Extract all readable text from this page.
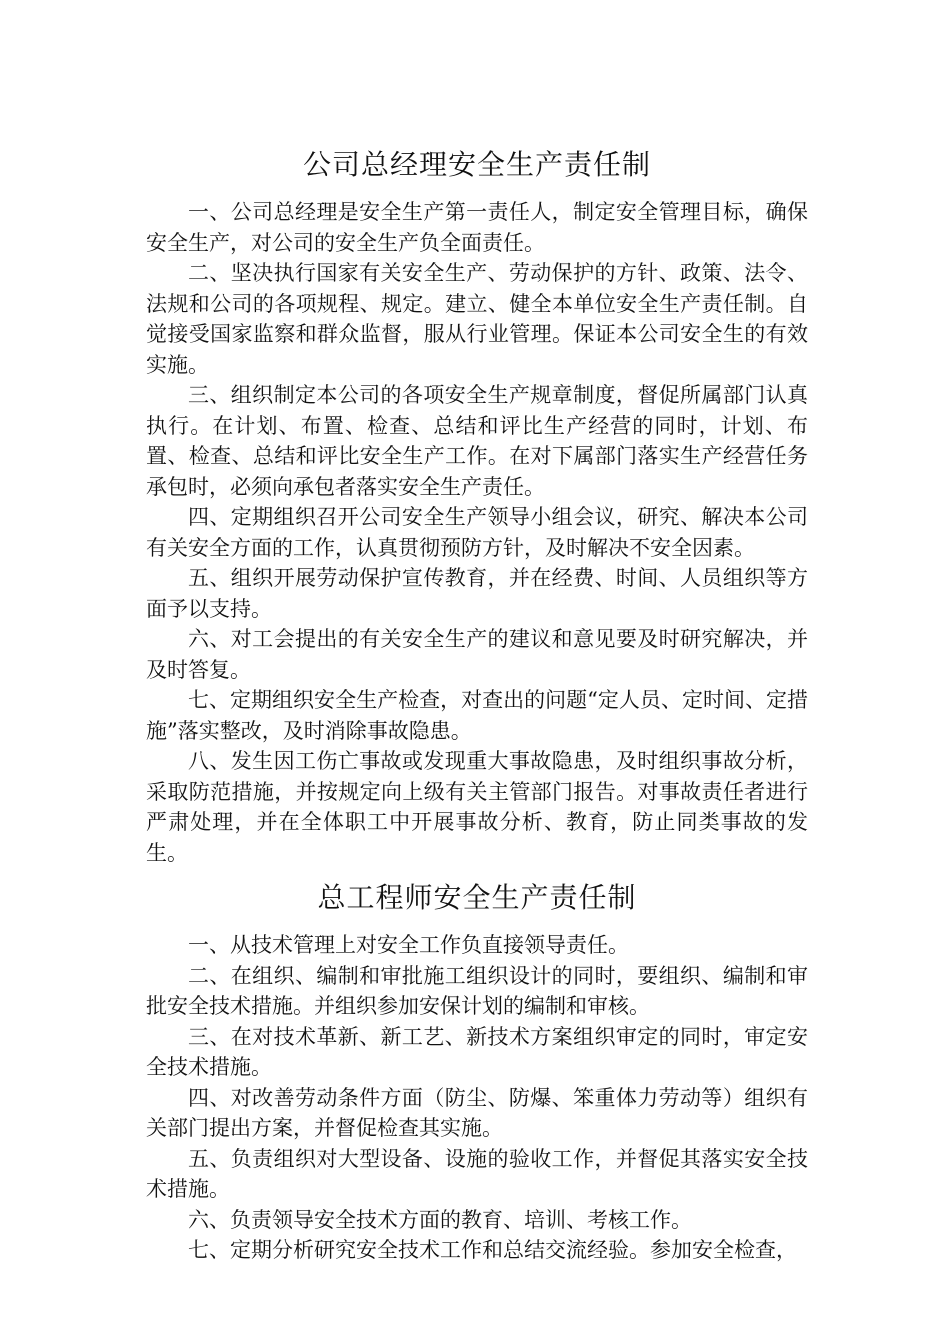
公司总经理安全生产责任制

一、公司总经理是安全生产第一责任人，制定安全管理目标，确保安全生产，对公司的安全生产负全面责任。

二、坚决执行国家有关安全生产、劳动保护的方针、政策、法令、法规和公司的各项规程、规定。建立、健全本单位安全生产责任制。自觉接受国家监察和群众监督，服从行业管理。保证本公司安全生的有效实施。

三、组织制定本公司的各项安全生产规章制度，督促所属部门认真执行。在计划、布置、检查、总结和评比生产经营的同时，计划、布置、检查、总结和评比安全生产工作。在对下属部门落实生产经营任务承包时，必须向承包者落实安全生产责任。

四、定期组织召开公司安全生产领导小组会议，研究、解决本公司有关安全方面的工作，认真贯彻预防方针，及时解决不安全因素。

五、组织开展劳动保护宣传教育，并在经费、时间、人员组织等方面予以支持。

六、对工会提出的有关安全生产的建议和意见要及时研究解决，并及时答复。

七、定期组织安全生产检查，对查出的问题“定人员、定时间、定措施”落实整改，及时消除事故隐患。

八、发生因工伤亡事故或发现重大事故隐患，及时组织事故分析，采取防范措施，并按规定向上级有关主管部门报告。对事故责任者进行严肃处理，并在全体职工中开展事故分析、教育，防止同类事故的发生。

总工程师安全生产责任制

一、从技术管理上对安全工作负直接领导责任。

二、在组织、编制和审批施工组织设计的同时，要组织、编制和审批安全技术措施。并组织参加安保计划的编制和审核。

三、在对技术革新、新工艺、新技术方案组织审定的同时，审定安全技术措施。

四、对改善劳动条件方面（防尘、防爆、笨重体力劳动等）组织有关部门提出方案，并督促检查其实施。

五、负责组织对大型设备、设施的验收工作，并督促其落实安全技术措施。

六、负责领导安全技术方面的教育、培训、考核工作。

七、定期分析研究安全技术工作和总结交流经验。参加安全检查，
